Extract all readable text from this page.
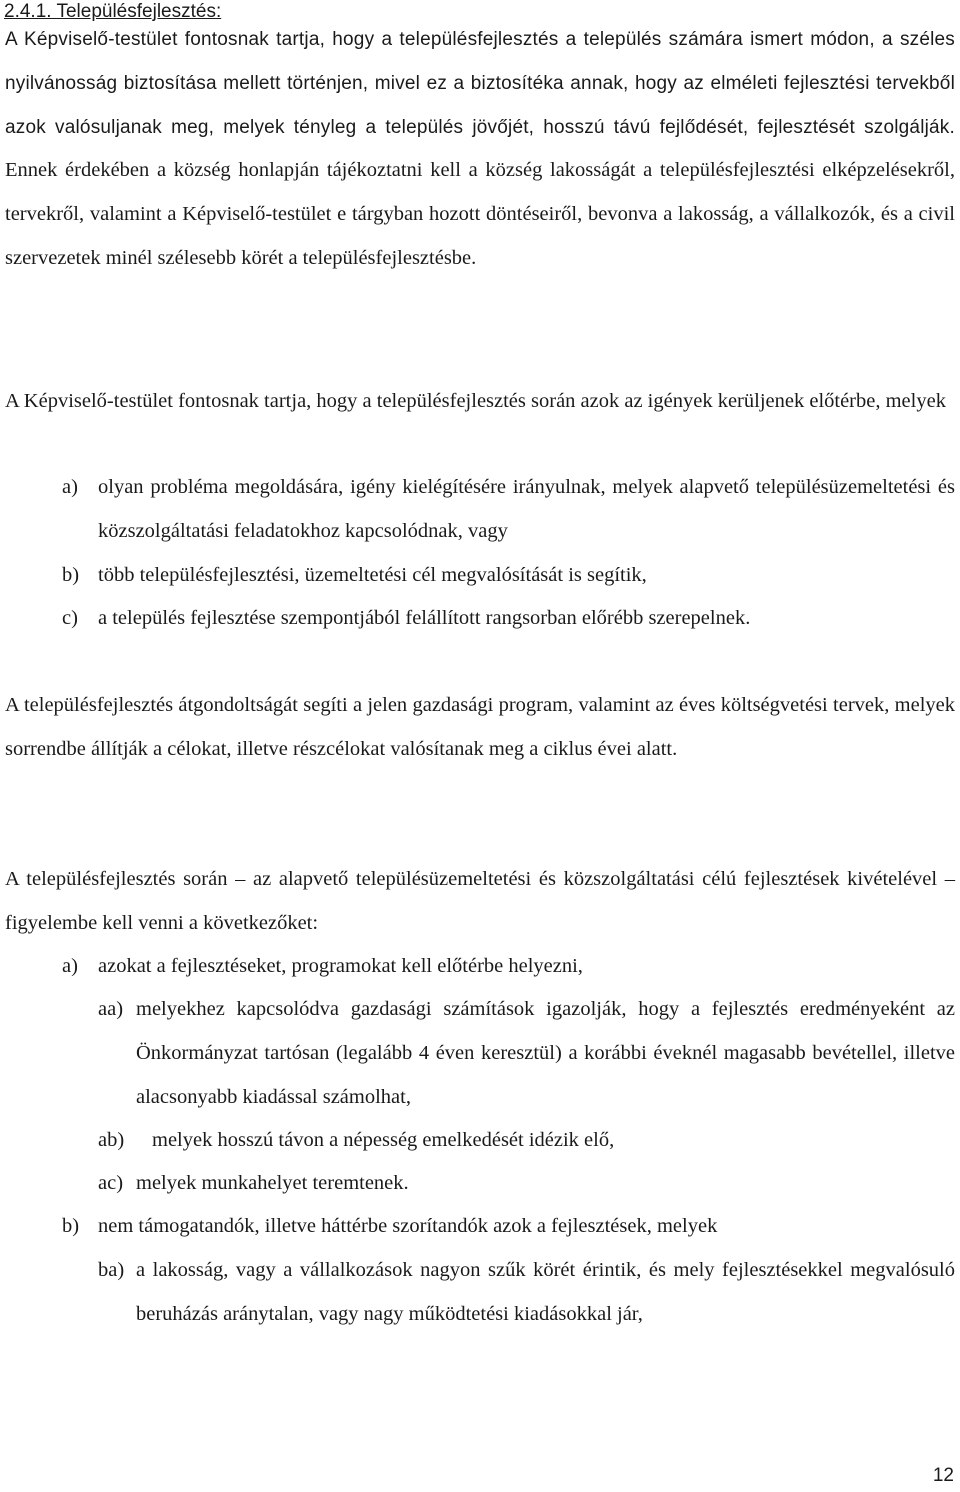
2.4.1. Településfejlesztés:
A Képviselő-testület fontosnak tartja, hogy a településfejlesztés a település számára ismert módon, a széles nyilvánosság biztosítása mellett történjen, mivel ez a biztosítéka annak, hogy az elméleti fejlesztési tervekből azok valósuljanak meg, melyek tényleg a település jövőjét, hosszú távú fejlődését, fejlesztését szolgálják. Ennek érdekében a község honlapján tájékoztatni kell a község lakosságát a településfejlesztési elképzelésekről, tervekről, valamint a Képviselő-testület e tárgyban hozott döntéseiről, bevonva a lakosság, a vállalkozók, és a civil szervezetek minél szélesebb körét a településfejlesztésbe.
A Képviselő-testület fontosnak tartja, hogy a településfejlesztés során azok az igények kerüljenek előtérbe, melyek
a) olyan probléma megoldására, igény kielégítésére irányulnak, melyek alapvető településüzemeltetési és közszolgáltatási feladatokhoz kapcsolódnak, vagy
b) több településfejlesztési, üzemeltetési cél megvalósítását is segítik,
c) a település fejlesztése szempontjából felállított rangsorban előrébb szerepelnek.
A településfejlesztés átgondoltságát segíti a jelen gazdasági program, valamint az éves költségvetési tervek, melyek sorrendbe állítják a célokat, illetve részcélokat valósítanak meg a ciklus évei alatt.
A településfejlesztés során – az alapvető településüzemeltetési és közszolgáltatási célú fejlesztések kivételével – figyelembe kell venni a következőket:
a) azokat a fejlesztéseket, programokat kell előtérbe helyezni,
aa) melyekhez kapcsolódva gazdasági számítások igazolják, hogy a fejlesztés eredményeként az Önkormányzat tartósan (legalább 4 éven keresztül) a korábbi éveknél magasabb bevétellel, illetve alacsonyabb kiadással számolhat,
ab)	melyek hosszú távon a népesség emelkedését idézik elő,
ac) melyek munkahelyet teremtenek.
b) nem támogatandók, illetve háttérbe szorítandók azok a fejlesztések, melyek
ba) a lakosság, vagy a vállalkozások nagyon szűk körét érintik, és mely fejlesztésekkel megvalósuló beruházás aránytalan, vagy nagy működtetési kiadásokkal jár,
12
